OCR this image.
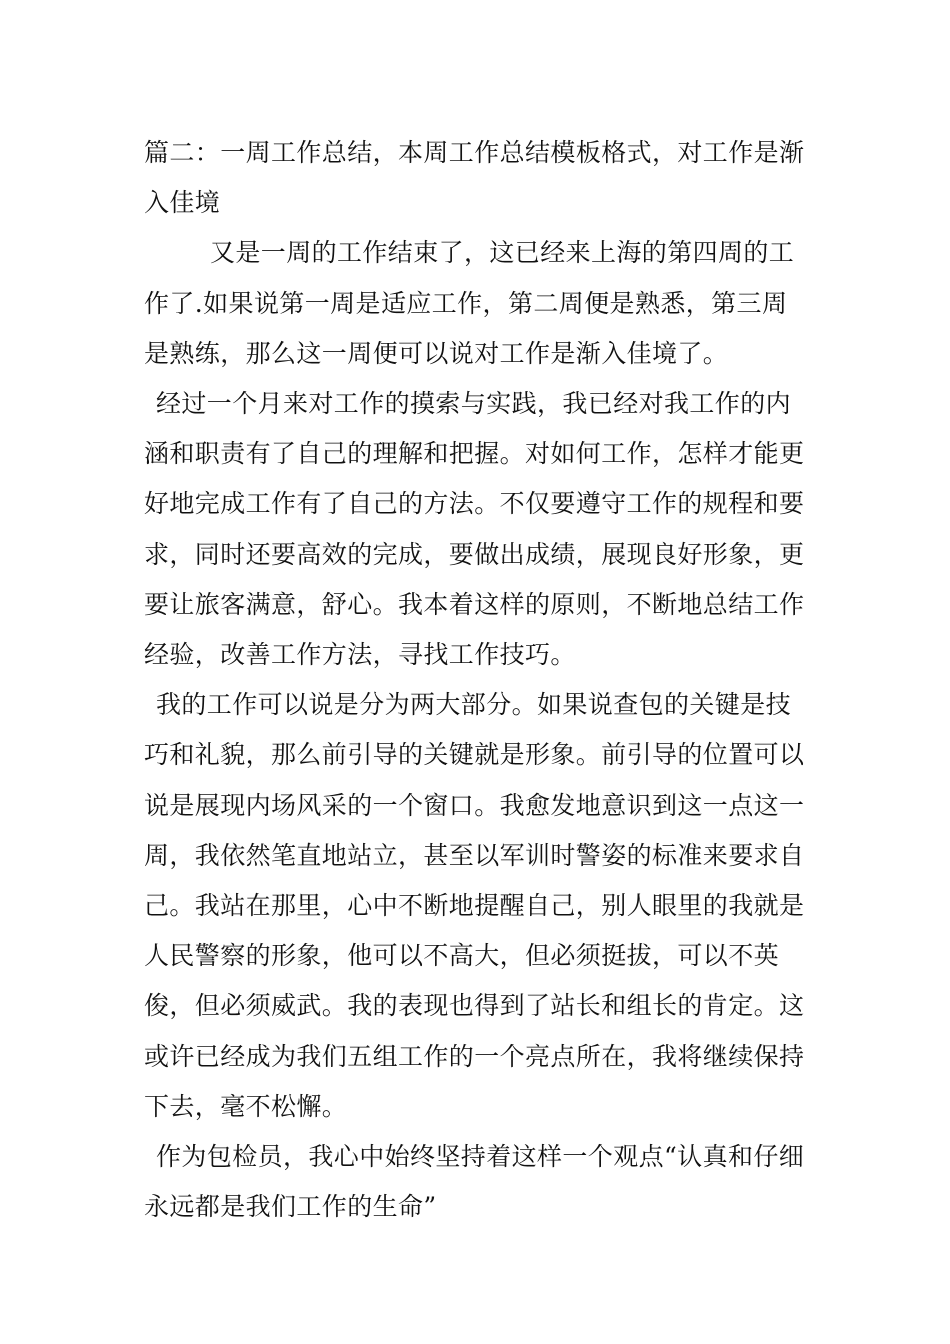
篇二：一周工作总结，本周工作总结模板格式，对工作是渐入佳境

又是一周的工作结束了，这已经来上海的第四周的工作了.如果说第一周是适应工作，第二周便是熟悉，第三周是熟练，那么这一周便可以说对工作是渐入佳境了。

经过一个月来对工作的摸索与实践，我已经对我工作的内涵和职责有了自己的理解和把握。对如何工作，怎样才能更好地完成工作有了自己的方法。不仅要遵守工作的规程和要求，同时还要高效的完成，要做出成绩，展现良好形象，更要让旅客满意，舒心。我本着这样的原则，不断地总结工作经验，改善工作方法，寻找工作技巧。

我的工作可以说是分为两大部分。如果说查包的关键是技巧和礼貌，那么前引导的关键就是形象。前引导的位置可以说是展现内场风采的一个窗口。我愈发地意识到这一点这一周，我依然笔直地站立，甚至以军训时警姿的标准来要求自己。我站在那里，心中不断地提醒自己，别人眼里的我就是人民警察的形象，他可以不高大，但必须挺拔，可以不英俊，但必须威武。我的表现也得到了站长和组长的肯定。这或许已经成为我们五组工作的一个亮点所在，我将继续保持下去，毫不松懈。

作为包检员，我心中始终坚持着这样一个观点“认真和仔细永远都是我们工作的生命”
